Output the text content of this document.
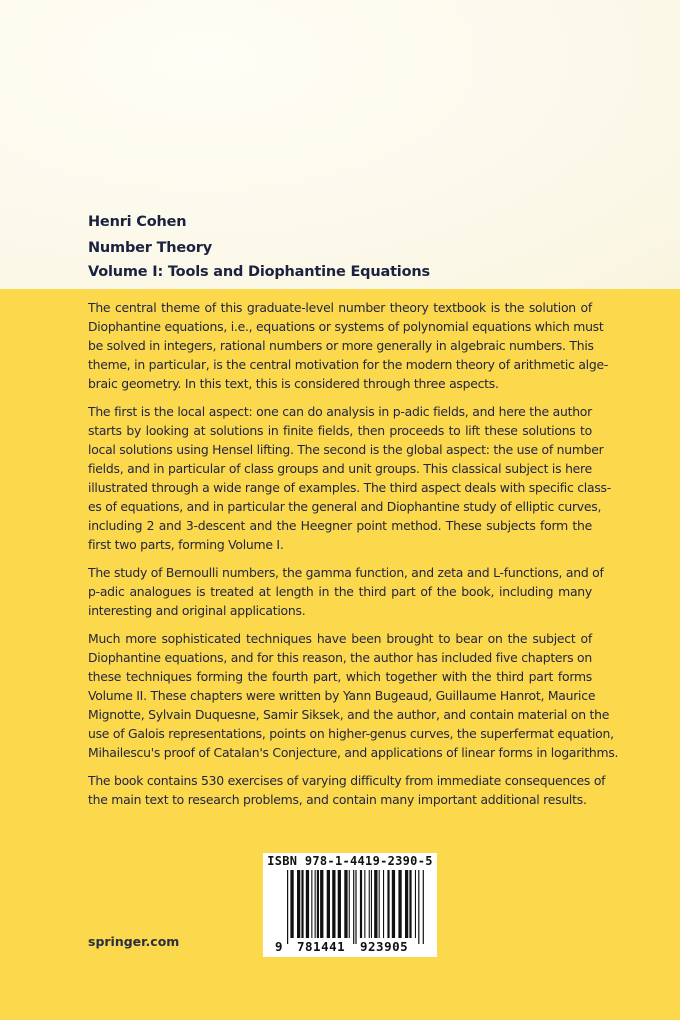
Henri Cohen
Number Theory
Volume I: Tools and Diophantine Equations
The central theme of this graduate-level number theory textbook is the solution of
Diophantine equations, i.e., equations or systems of polynomial equations which must
be solved in integers, rational numbers or more generally in algebraic numbers. This
theme, in particular, is the central motivation for the modern theory of arithmetic alge-
braic geometry. In this text, this is considered through three aspects.
The first is the local aspect: one can do analysis in p-adic fields, and here the author
starts by looking at solutions in finite fields, then proceeds to lift these solutions to
local solutions using Hensel lifting. The second is the global aspect: the use of number
fields, and in particular of class groups and unit groups. This classical subject is here
illustrated through a wide range of examples. The third aspect deals with specific class-
es of equations, and in particular the general and Diophantine study of elliptic curves,
including 2 and 3-descent and the Heegner point method. These subjects form the
first two parts, forming Volume I.
The study of Bernoulli numbers, the gamma function, and zeta and L-functions, and of
p-adic analogues is treated at length in the third part of the book, including many
interesting and original applications.
Much more sophisticated techniques have been brought to bear on the subject of
Diophantine equations, and for this reason, the author has included five chapters on
these techniques forming the fourth part, which together with the third part forms
Volume II. These chapters were written by Yann Bugeaud, Guillaume Hanrot, Maurice
Mignotte, Sylvain Duquesne, Samir Siksek, and the author, and contain material on the
use of Galois representations, points on higher-genus curves, the superfermat equation,
Mihailescu's proof of Catalan's Conjecture, and applications of linear forms in logarithms.
The book contains 530 exercises of varying difficulty from immediate consequences of
the main text to research problems, and contain many important additional results.
springer.com
ISBN 978-1-4419-2390-5
9 781441 923905
